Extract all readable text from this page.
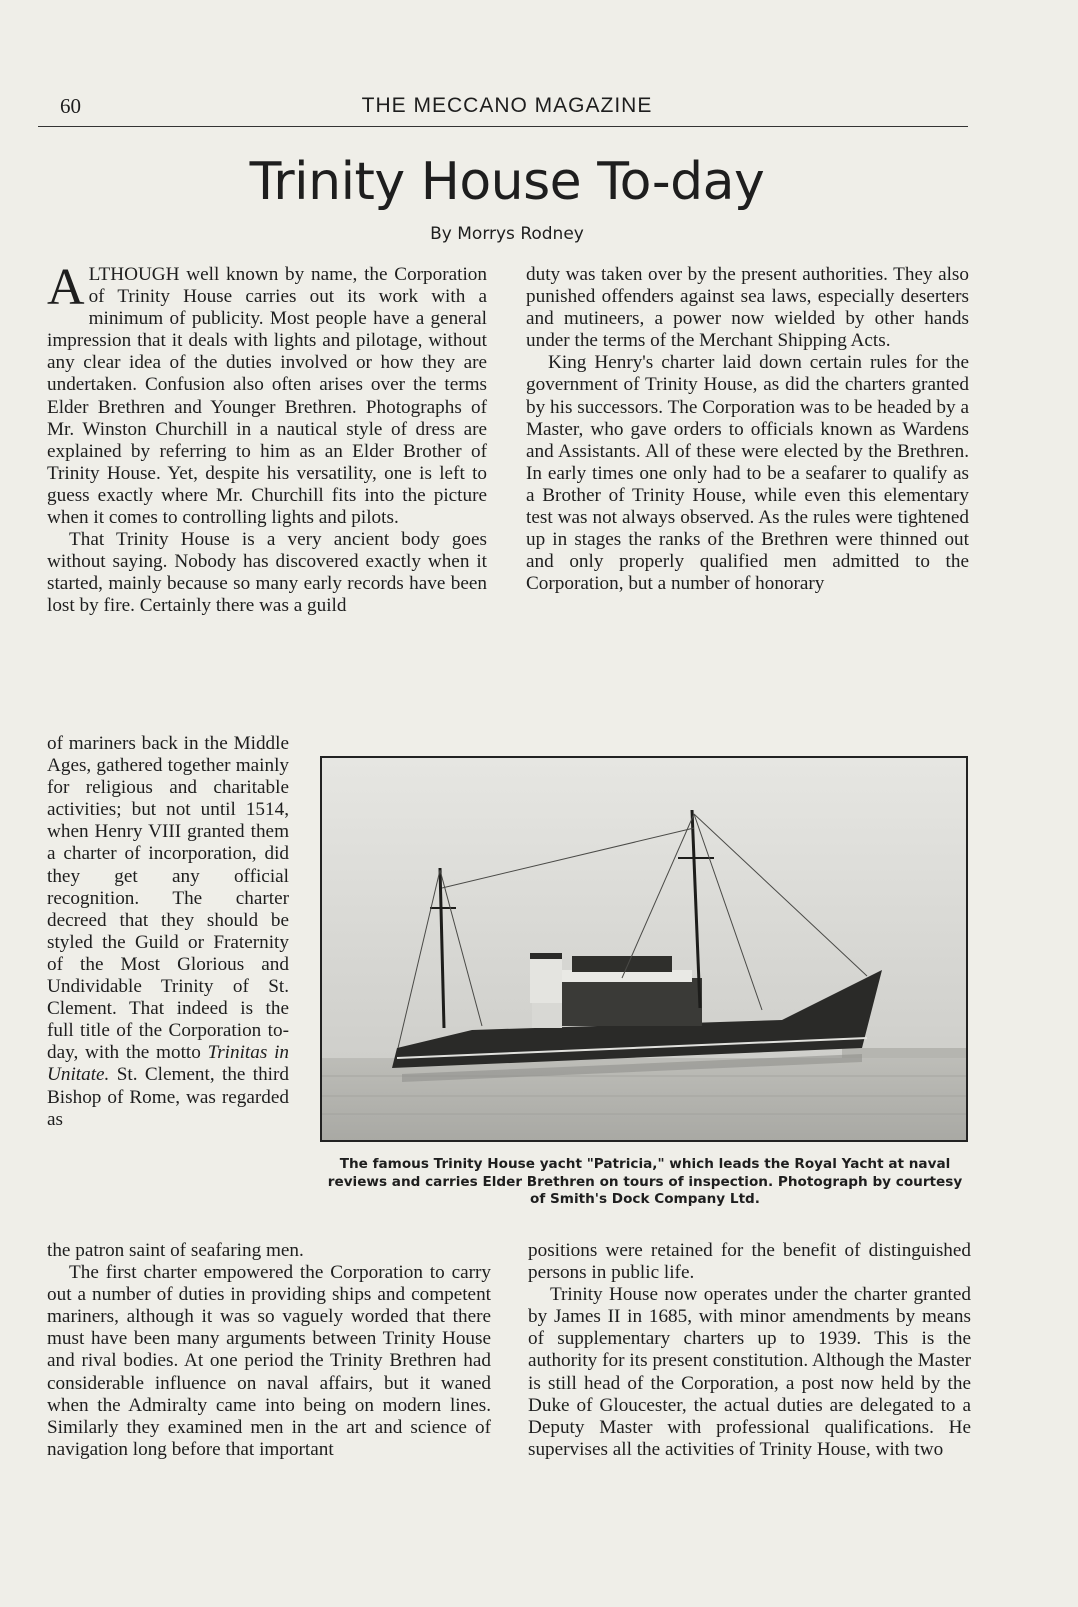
60	THE MECCANO MAGAZINE
Trinity House To-day
By Morrys Rodney

ALTHOUGH well known by name, the Corporation of Trinity House carries out its work with a minimum of publicity. Most people have a general impression that it deals with lights and pilotage, without any clear idea of the duties involved or how they are undertaken. Confusion also often arises over the terms Elder Brethren and Younger Brethren. Photographs of Mr. Winston Churchill in a nautical style of dress are explained by referring to him as an Elder Brother of Trinity House. Yet, despite his versatility, one is left to guess exactly where Mr. Churchill fits into the picture when it comes to controlling lights and pilots.

That Trinity House is a very ancient body goes without saying. Nobody has discovered exactly when it started, mainly because so many early records have been lost by fire. Certainly there was a guild

duty was taken over by the present authorities. They also punished offenders against sea laws, especially deserters and mutineers, a power now wielded by other hands under the terms of the Merchant Shipping Acts.

King Henry's charter laid down certain rules for the government of Trinity House, as did the charters granted by his successors. The Corporation was to be headed by a Master, who gave orders to officials known as Wardens and Assistants. All of these were elected by the Brethren. In early times one only had to be a seafarer to qualify as a Brother of Trinity House, while even this elementary test was not always observed. As the rules were tightened up in stages the ranks of the Brethren were thinned out and only properly qualified men admitted to the Corporation, but a number of honorary

of mariners back in the Middle Ages, gathered together mainly for religious and charitable activities; but not until 1514, when Henry VIII granted them a charter of incorporation, did they get any official recognition. The charter decreed that they should be styled the Guild or Fraternity of the Most Glorious and Undividable Trinity of St. Clement. That indeed is the full title of the Corporation to-day, with the motto Trinitas in Unitate. St. Clement, the third Bishop of Rome, was regarded as

The famous Trinity House yacht "Patricia," which leads the Royal Yacht at naval reviews and carries Elder Brethren on tours of inspection. Photograph by courtesy of Smith's Dock Company Ltd.

the patron saint of seafaring men.

The first charter empowered the Corporation to carry out a number of duties in providing ships and competent mariners, although it was so vaguely worded that there must have been many arguments between Trinity House and rival bodies. At one period the Trinity Brethren had considerable influence on naval affairs, but it waned when the Admiralty came into being on modern lines. Similarly they examined men in the art and science of navigation long before that important

positions were retained for the benefit of distinguished persons in public life.

Trinity House now operates under the charter granted by James II in 1685, with minor amendments by means of supplementary charters up to 1939. This is the authority for its present constitution. Although the Master is still head of the Corporation, a post now held by the Duke of Gloucester, the actual duties are delegated to a Deputy Master with professional qualifications. He supervises all the activities of Trinity House, with two
